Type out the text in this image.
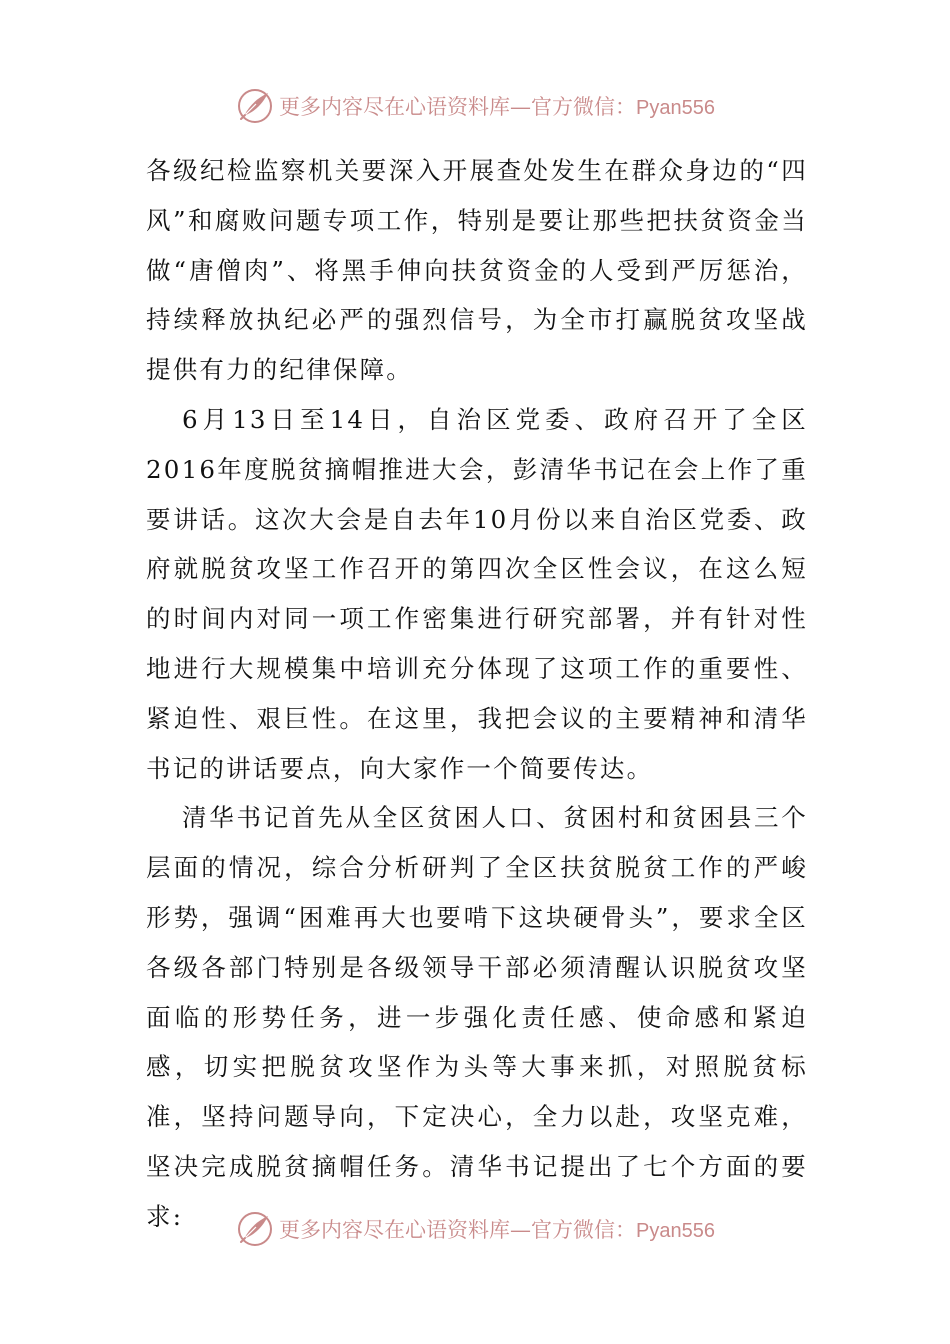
更多内容尽在心语资料库—官方微信：Pyan556

各级纪检监察机关要深入开展查处发生在群众身边的“四风”和腐败问题专项工作，特别是要让那些把扶贫资金当做“唐僧肉”、将黑手伸向扶贫资金的人受到严厉惩治，持续释放执纪必严的强烈信号，为全市打赢脱贫攻坚战提供有力的纪律保障。

6月13日至14日，自治区党委、政府召开了全区2016年度脱贫摘帽推进大会，彭清华书记在会上作了重要讲话。这次大会是自去年10月份以来自治区党委、政府就脱贫攻坚工作召开的第四次全区性会议，在这么短的时间内对同一项工作密集进行研究部署，并有针对性地进行大规模集中培训充分体现了这项工作的重要性、紧迫性、艰巨性。在这里，我把会议的主要精神和清华书记的讲话要点，向大家作一个简要传达。

清华书记首先从全区贫困人口、贫困村和贫困县三个层面的情况，综合分析研判了全区扶贫脱贫工作的严峻形势，强调“困难再大也要啃下这块硬骨头”，要求全区各级各部门特别是各级领导干部必须清醒认识脱贫攻坚面临的形势任务，进一步强化责任感、使命感和紧迫感，切实把脱贫攻坚作为头等大事来抓，对照脱贫标准，坚持问题导向，下定决心，全力以赴，攻坚克难，坚决完成脱贫摘帽任务。清华书记提出了七个方面的要求:	更多内容尽在心语资料库—官方微信：Pyan556
